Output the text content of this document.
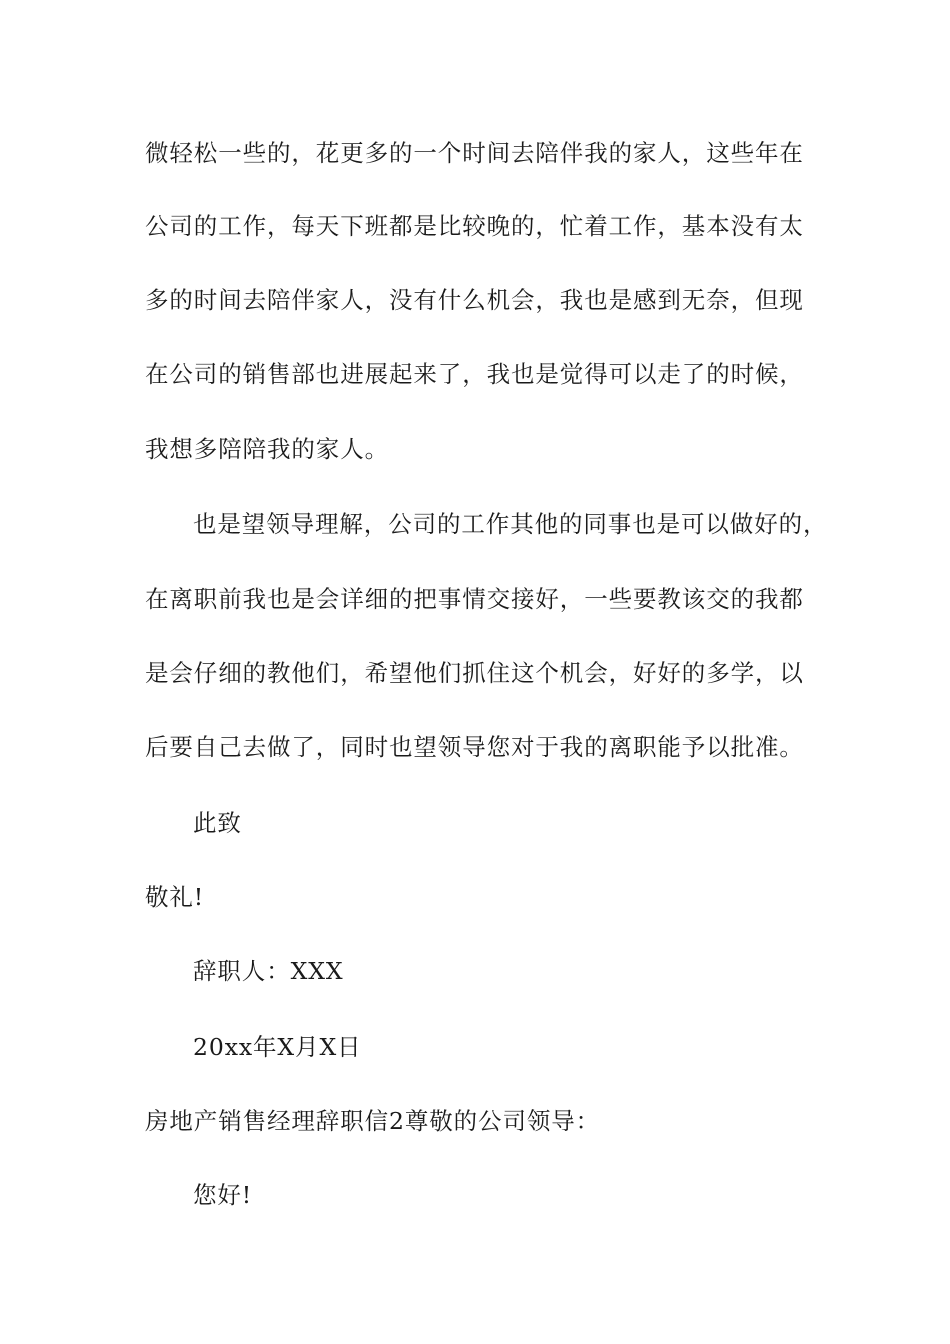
微轻松一些的，花更多的一个时间去陪伴我的家人，这些年在
公司的工作，每天下班都是比较晚的，忙着工作，基本没有太
多的时间去陪伴家人，没有什么机会，我也是感到无奈，但现
在公司的销售部也进展起来了，我也是觉得可以走了的时候，
我想多陪陪我的家人。
也是望领导理解，公司的工作其他的同事也是可以做好的，
在离职前我也是会详细的把事情交接好，一些要教该交的我都
是会仔细的教他们，希望他们抓住这个机会，好好的多学，以
后要自己去做了，同时也望领导您对于我的离职能予以批准。
此致
敬礼!
辞职人：XXX
20xx年X月X日
房地产销售经理辞职信2尊敬的公司领导：
您好!
